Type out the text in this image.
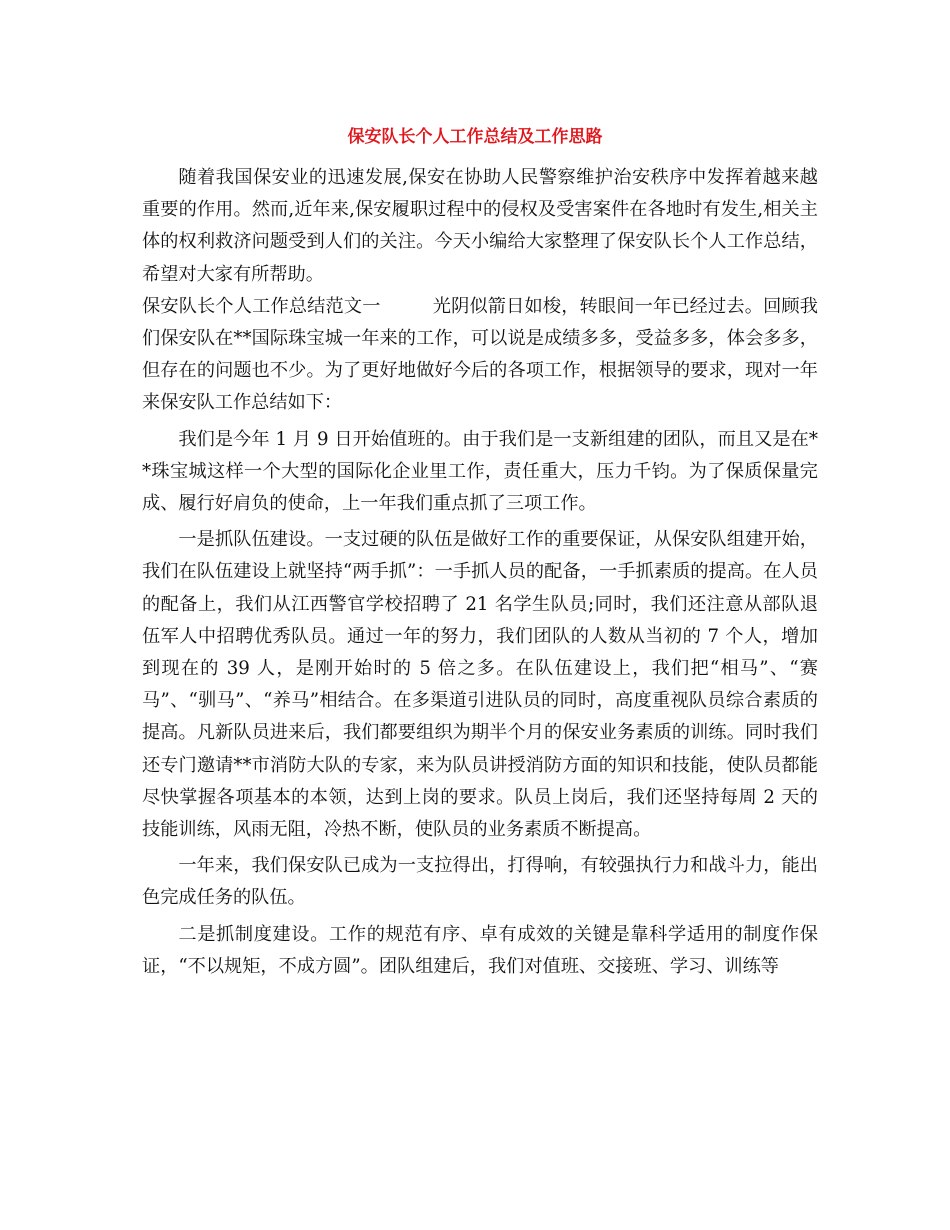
保安队长个人工作总结及工作思路

随着我国保安业的迅速发展,保安在协助人民警察维护治安秩序中发挥着越来越重要的作用。然而,近年来,保安履职过程中的侵权及受害案件在各地时有发生,相关主体的权利救济问题受到人们的关注。今天小编给大家整理了保安队长个人工作总结，希望对大家有所帮助。

保安队长个人工作总结范文一	光阴似箭日如梭，转眼间一年已经过去。回顾我们保安队在**国际珠宝城一年来的工作，可以说是成绩多多，受益多多，体会多多，但存在的问题也不少。为了更好地做好今后的各项工作，根据领导的要求，现对一年来保安队工作总结如下：

我们是今年 1 月 9 日开始值班的。由于我们是一支新组建的团队，而且又是在**珠宝城这样一个大型的国际化企业里工作，责任重大，压力千钧。为了保质保量完成、履行好肩负的使命，上一年我们重点抓了三项工作。

一是抓队伍建设。一支过硬的队伍是做好工作的重要保证，从保安队组建开始，我们在队伍建设上就坚持“两手抓”：一手抓人员的配备，一手抓素质的提高。在人员的配备上，我们从江西警官学校招聘了 21 名学生队员;同时，我们还注意从部队退伍军人中招聘优秀队员。通过一年的努力，我们团队的人数从当初的 7 个人，增加到现在的 39 人，是刚开始时的 5 倍之多。在队伍建设上，我们把“相马”、“赛马”、“驯马”、“养马”相结合。在多渠道引进队员的同时，高度重视队员综合素质的提高。凡新队员进来后，我们都要组织为期半个月的保安业务素质的训练。同时我们还专门邀请**市消防大队的专家，来为队员讲授消防方面的知识和技能，使队员都能尽快掌握各项基本的本领，达到上岗的要求。队员上岗后，我们还坚持每周 2 天的技能训练，风雨无阻，冷热不断，使队员的业务素质不断提高。

一年来，我们保安队已成为一支拉得出，打得响，有较强执行力和战斗力，能出色完成任务的队伍。

二是抓制度建设。工作的规范有序、卓有成效的关键是靠科学适用的制度作保证，“不以规矩，不成方圆”。团队组建后，我们对值班、交接班、学习、训练等
